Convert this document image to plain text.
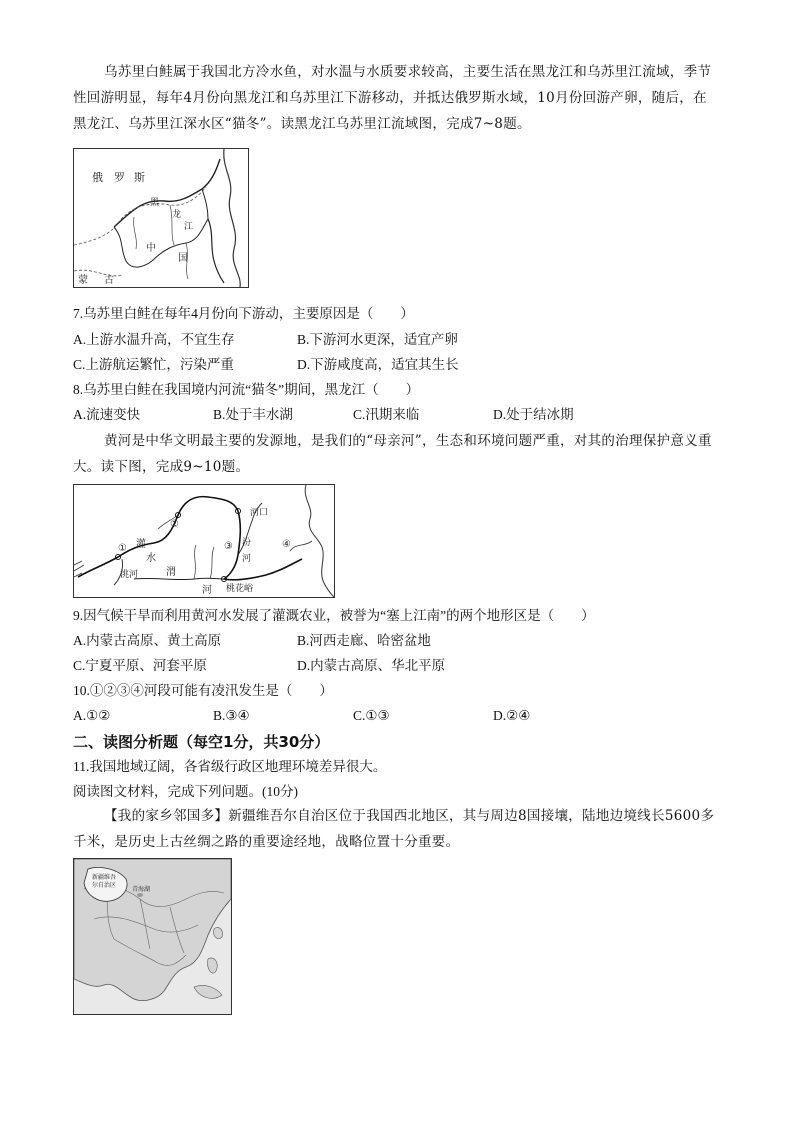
乌苏里白鲑属于我国北方冷水鱼，对水温与水质要求较高，主要生活在黑龙江和乌苏里江流域，季节
性回游明显，每年4月份向黑龙江和乌苏里江下游移动，并抵达俄罗斯水域，10月份回游产卵，随后，在
黑龙江、乌苏里江深水区“猫冬”。读黑龙江乌苏里江流域图，完成7~8题。
俄 罗 斯
黑
龙
江
中
国
蒙 古
7.乌苏里白鲑在每年4月份向下游动，主要原因是（　　）
A.上游水温升高，不宜生存	B.下游河水更深，适宜产卵
C.上游航运繁忙，污染严重	D.下游咸度高，适宜其生长
8.乌苏里白鲑在我国境内河流“猫冬”期间，黑龙江（　　）
A.流速变快	B.处于丰水湖	C.汛期来临	D.处于结冰期
黄河是中华文明最主要的发源地，是我们的“母亲河”，生态和环境问题严重，对其的治理保护意义重
大。读下图，完成9~10题。
河口
①
②
③	④
灌
水
汾
河
渭
河
洮河
桃花峪
9.因气候干旱而利用黄河水发展了灌溉农业，被誉为“塞上江南”的两个地形区是（　　）
A.内蒙古高原、黄土高原	B.河西走廊、哈密盆地
C.宁夏平原、河套平原	D.内蒙古高原、华北平原
10.①②③④河段可能有凌汛发生是（　　）
A.①②	B.③④	C.①③	D.②④
二、读图分析题（每空1分，共30分）
11.我国地域辽阔，各省级行政区地理环境差异很大。
阅读图文材料，完成下列问题。(10分)
【我的家乡邻国多】新疆维吾尔自治区位于我国西北地区，其与周边8国接壤，陆地边境线长5600多
千米，是历史上古丝绸之路的重要途经地，战略位置十分重要。
新疆维吾
尔自治区
青海湖
